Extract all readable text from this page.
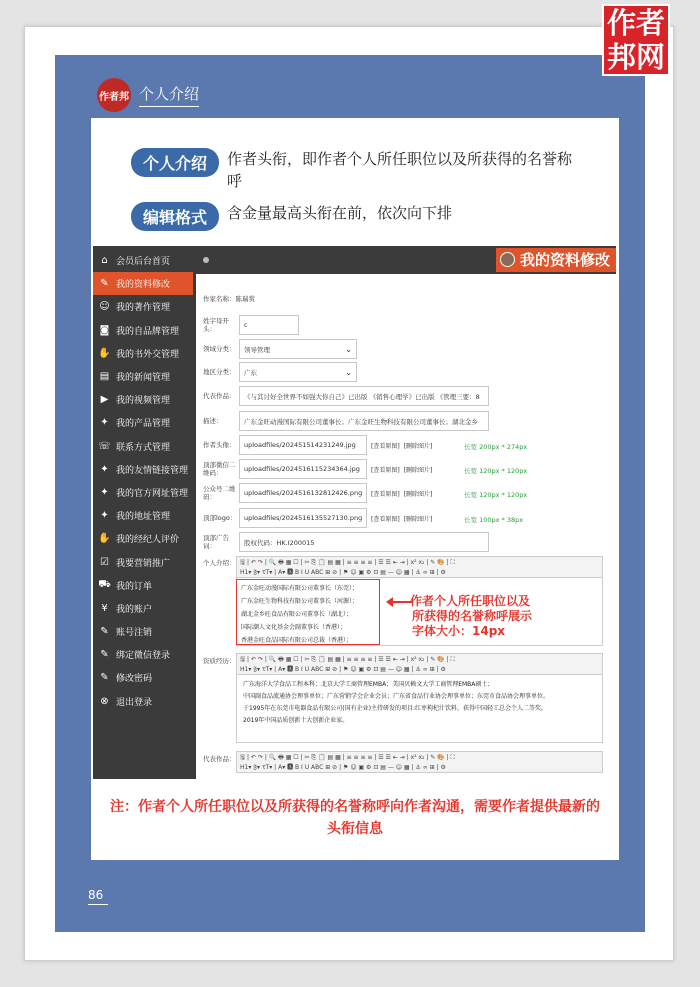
作者
邦网
作者邦 个人介绍
个人介绍	作者头衔，即作者个人所任职位以及所获得的名誉称呼
编辑格式	含金量最高头衔在前，依次向下排
⌂ 会员后台首页
✎ 我的资料修改
☺ 我的著作管理
◙ 我的自品牌管理
✋ 我的书外交管理
▤ 我的新闻管理
▶ 我的视频管理
✦ 我的产品管理
☏ 联系方式管理
✦ 我的友情链接管理
✦ 我的官方网址管理
✦ 我的地址管理
✋ 我的经纪人评价
☑ 我要营销推广
⛟ 我的订单
¥ 我的账户
✎ 账号注销
✎ 绑定微信登录
✎ 修改密码
⊗ 退出登录
我的资料修改
作家名称： 陈瑞赏
姓字母开头：	c
领域分类：	领导管理
⌄
地区分类：	广东
⌄
代表作品：	《与其讨好全世界不如强大你自己》已出版 《销售心理学》已出版 《管理三要：8
描述：	广东金旺动漫国际有限公司董事长；广东金旺生物科技有限公司董事长；湖北金乡
作者头像：	uploadfiles/2024515142312​49.jpg	[查看原图] [删除图片]	长宽 200px * 274px
顶部微信二维码：	uploadfiles/20245161152​34364.jpg	[查看原图] [删除图片]	长宽 120px * 120px
公众号二维码：	uploadfiles/202451613281​2426.png	[查看原图] [删除图片]	长宽 120px * 120px
顶部logo：	uploadfiles/202451613552​7130.png	[查看原图] [删除图片]	长宽 100px * 38px
顶部广告词：	股权代码：HK.I200015
个人介绍： 🖫 | ↶ ↷ | 🔍 🖶 ▦ ☐ | ✂ ⎘ 📋 ▤ ▦ | ≡ ≡ ≡ ≡ | ☰ ☰ ⇤ ⇥ | x² x₂ | ✎ 🎨 | ⛶
H1▾ 𝔉▾ τT▾ | A▾ 🅰 B I U ABC ⊞ ⊘ | ⚑ ☺ ▣ ⚙ ⊡ ▤ — ☺ ▦ | ⚓ ∞ ⊞ | ⚙
资质经历： 🖫 | ↶ ↷ | 🔍 🖶 ▦ ☐ | ✂ ⎘ 📋 ▤ ▦ | ≡ ≡ ≡ ≡ | ☰ ☰ ⇤ ⇥ | x² x₂ | ✎ 🎨 | ⛶
H1▾ 𝔉▾ τT▾ | A▾ 🅰 B I U ABC ⊞ ⊘ | ⚑ ☺ ▣ ⚙ ⊡ ▤ — ☺ ▦ | ⚓ ∞ ⊞ | ⚙
广东海洋大学食品工程本科；北京大学工商管理EMBA；美国贝赖文大学工商管理EMBA硕士；
中国副食品流通协会理事单位；广东营销学会企业会员；广东省食品行业协会理事单位；东莞市食品协会理事单位。
于1995年在东莞市电器食品有限公司(国有企业)主持研发的项目:红枣枸杞汁饮料，获得中国轻工总会个人二等奖;
2019年中国品质创新十大创新企业家。
代表作品： 🖫 | ↶ ↷ | 🔍 🖶 ▦ ☐ | ✂ ⎘ 📋 ▤ ▦ | ≡ ≡ ≡ ≡ | ☰ ☰ ⇤ ⇥ | x² x₂ | ✎ 🎨 | ⛶
H1▾ 𝔉▾ τT▾ | A▾ 🅰 B I U ABC ⊞ ⊘ | ⚑ ☺ ▣ ⚙ ⊡ ▤ — ☺ ▦ | ⚓ ∞ ⊞ | ⚙
广东金旺动漫国际有限公司董事长（东莞）；
广东金旺生物科技有限公司董事长（河源）；
湖北金乡旺食品有限公司董事长（湖北）；
国际潮人文化基金会副董事长（香港）；
香港金旺食品国际有限公司总裁（香港）；
作者个人所任职位以及
所获得的名誉称呼展示
字体大小：14px
注：作者个人所任职位以及所获得的名誉称呼向作者沟通，需要作者提供最新的头衔信息
86
